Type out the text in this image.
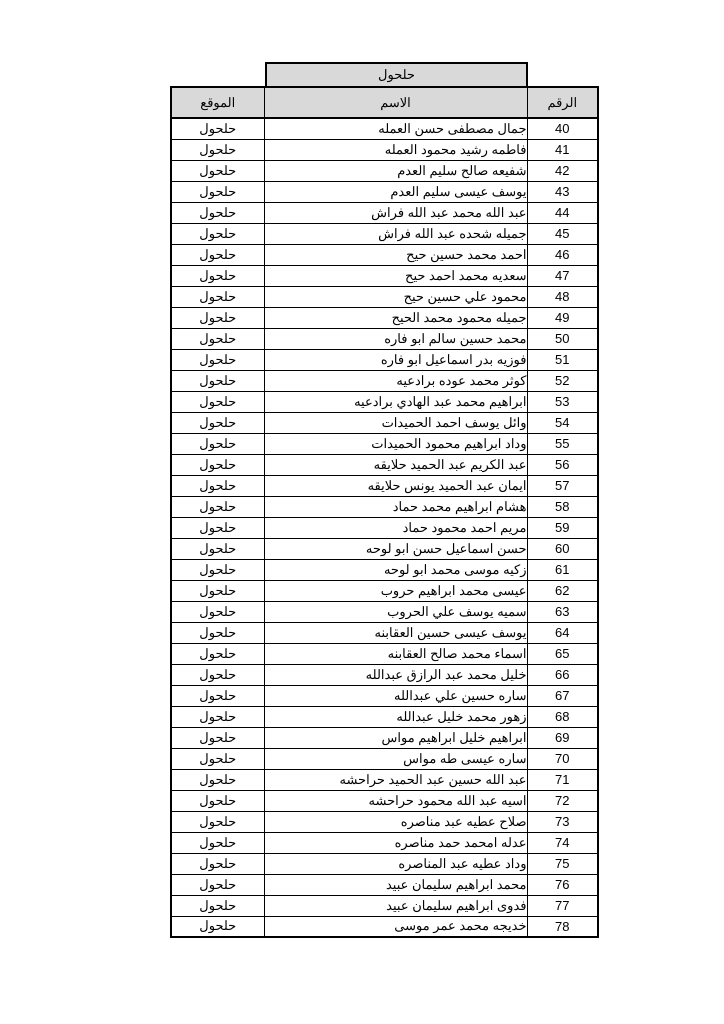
حلحول
الرقم	الاسم	الموقع
40	جمال مصطفى حسن العمله	حلحول
41	فاطمه رشيد محمود العمله	حلحول
42	شفيعه صالح سليم العدم	حلحول
43	يوسف عيسى سليم العدم	حلحول
44	عبد الله محمد عبد الله فراش	حلحول
45	جميله شحده عبد الله فراش	حلحول
46	احمد محمد حسين حيح	حلحول
47	سعديه محمد احمد حيح	حلحول
48	محمود علي حسين حيح	حلحول
49	جميله محمود محمد الحيح	حلحول
50	محمد حسين سالم ابو فاره	حلحول
51	فوزيه بدر اسماعيل ابو فاره	حلحول
52	كوثر محمد عوده برادعيه	حلحول
53	ابراهيم محمد عبد الهادي برادعيه	حلحول
54	وائل يوسف احمد الحميدات	حلحول
55	وداد ابراهيم محمود الحميدات	حلحول
56	عبد الكريم عبد الحميد حلايقه	حلحول
57	ايمان عبد الحميد يونس حلايقه	حلحول
58	هشام ابراهيم محمد حماد	حلحول
59	مريم احمد محمود حماد	حلحول
60	حسن اسماعيل حسن ابو لوحه	حلحول
61	زكيه موسى محمد ابو لوحه	حلحول
62	عيسى محمد ابراهيم حروب	حلحول
63	سميه يوسف علي الحروب	حلحول
64	يوسف عيسى حسين العقابنه	حلحول
65	اسماء محمد صالح العقابنه	حلحول
66	خليل محمد عبد الرازق عبدالله	حلحول
67	ساره حسين علي عبدالله	حلحول
68	زهور محمد خليل عبدالله	حلحول
69	ابراهيم خليل ابراهيم مواس	حلحول
70	ساره عيسى طه مواس	حلحول
71	عبد الله حسين عبد الحميد حراحشه	حلحول
72	اسيه عبد الله محمود حراحشه	حلحول
73	صلاح عطيه عبد مناصره	حلحول
74	عدله امحمد حمد مناصره	حلحول
75	وداد عطيه عبد المناصره	حلحول
76	محمد ابراهيم سليمان عبيد	حلحول
77	فدوى ابراهيم سليمان عبيد	حلحول
78	خديجه محمد عمر موسى	حلحول
